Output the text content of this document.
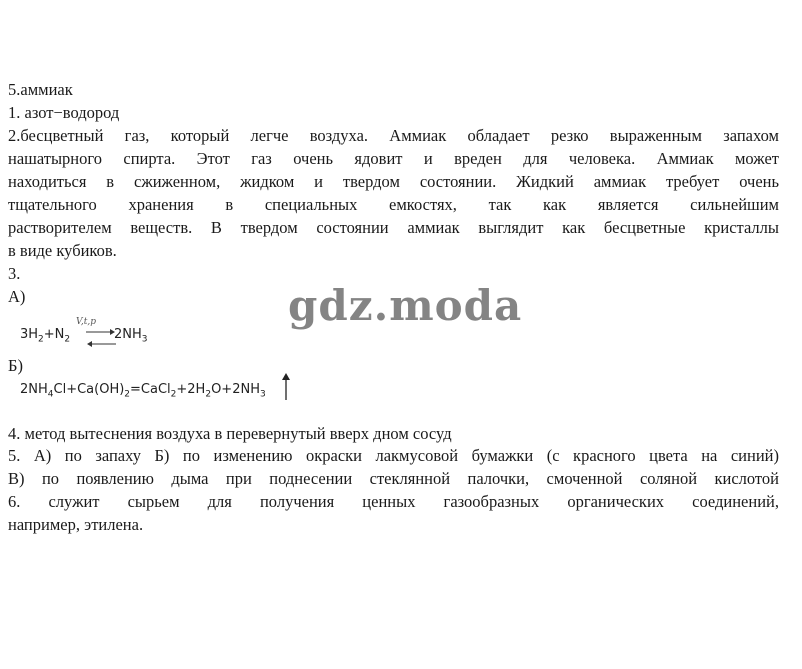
5.аммиак
1. азот−водород
2.бесцветный газ, который легче воздуха. Аммиак обладает резко выраженным запахом
нашатырного спирта. Этот газ очень ядовит и вреден для человека. Аммиак может
находиться в сжиженном, жидком и твердом состоянии. Жидкий аммиак требует очень
тщательного хранения в специальных емкостях, так как является сильнейшим
растворителем веществ. В твердом состоянии аммиак выглядит как бесцветные кристаллы
в виде кубиков.
3.
А)	gdz.moda
V,t,p
$3H_2+N_2$	$2NH_3$
Б)
$2NH_4Cl+Ca(OH)_2=CaCl_2+2H_2O+2NH_3$
4. метод вытеснения воздуха в перевернутый вверх дном сосуд
5. А) по запаху Б) по изменению окраски лакмусовой бумажки (с красного цвета на синий)
В) по появлению дыма при поднесении стеклянной палочки, смоченной соляной кислотой
6. служит сырьем для получения ценных газообразных органических соединений,
например, этилена.
